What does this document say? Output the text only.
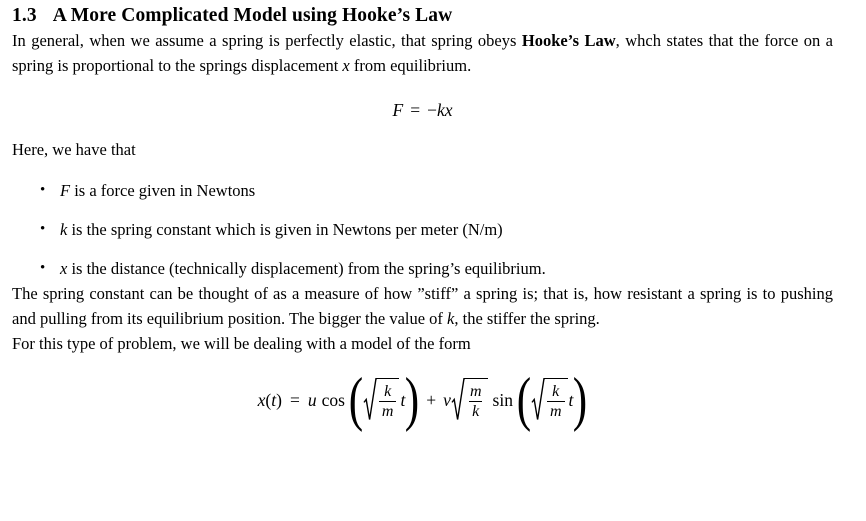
1.3 A More Complicated Model using Hooke’s Law

In general, when we assume a spring is perfectly elastic, that spring obeys Hooke’s Law, whch states that the force on a spring is proportional to the springs displacement x from equilibrium.

F = −kx

Here, we have that

• F is a force given in Newtons
• k is the spring constant which is given in Newtons per meter (N/m)
• x is the distance (technically displacement) from the spring’s equilibrium.

The spring constant can be thought of as a measure of how ”stiff” a spring is; that is, how resistant a spring is to pushing and pulling from its equilibrium position. The bigger the value of k, the stiffer the spring.

For this type of problem, we will be dealing with a model of the form

x(t) = u $\cos( \frac{k}{m} t) + v \frac{m}{k} \sin( \frac{k}{m} t)$
